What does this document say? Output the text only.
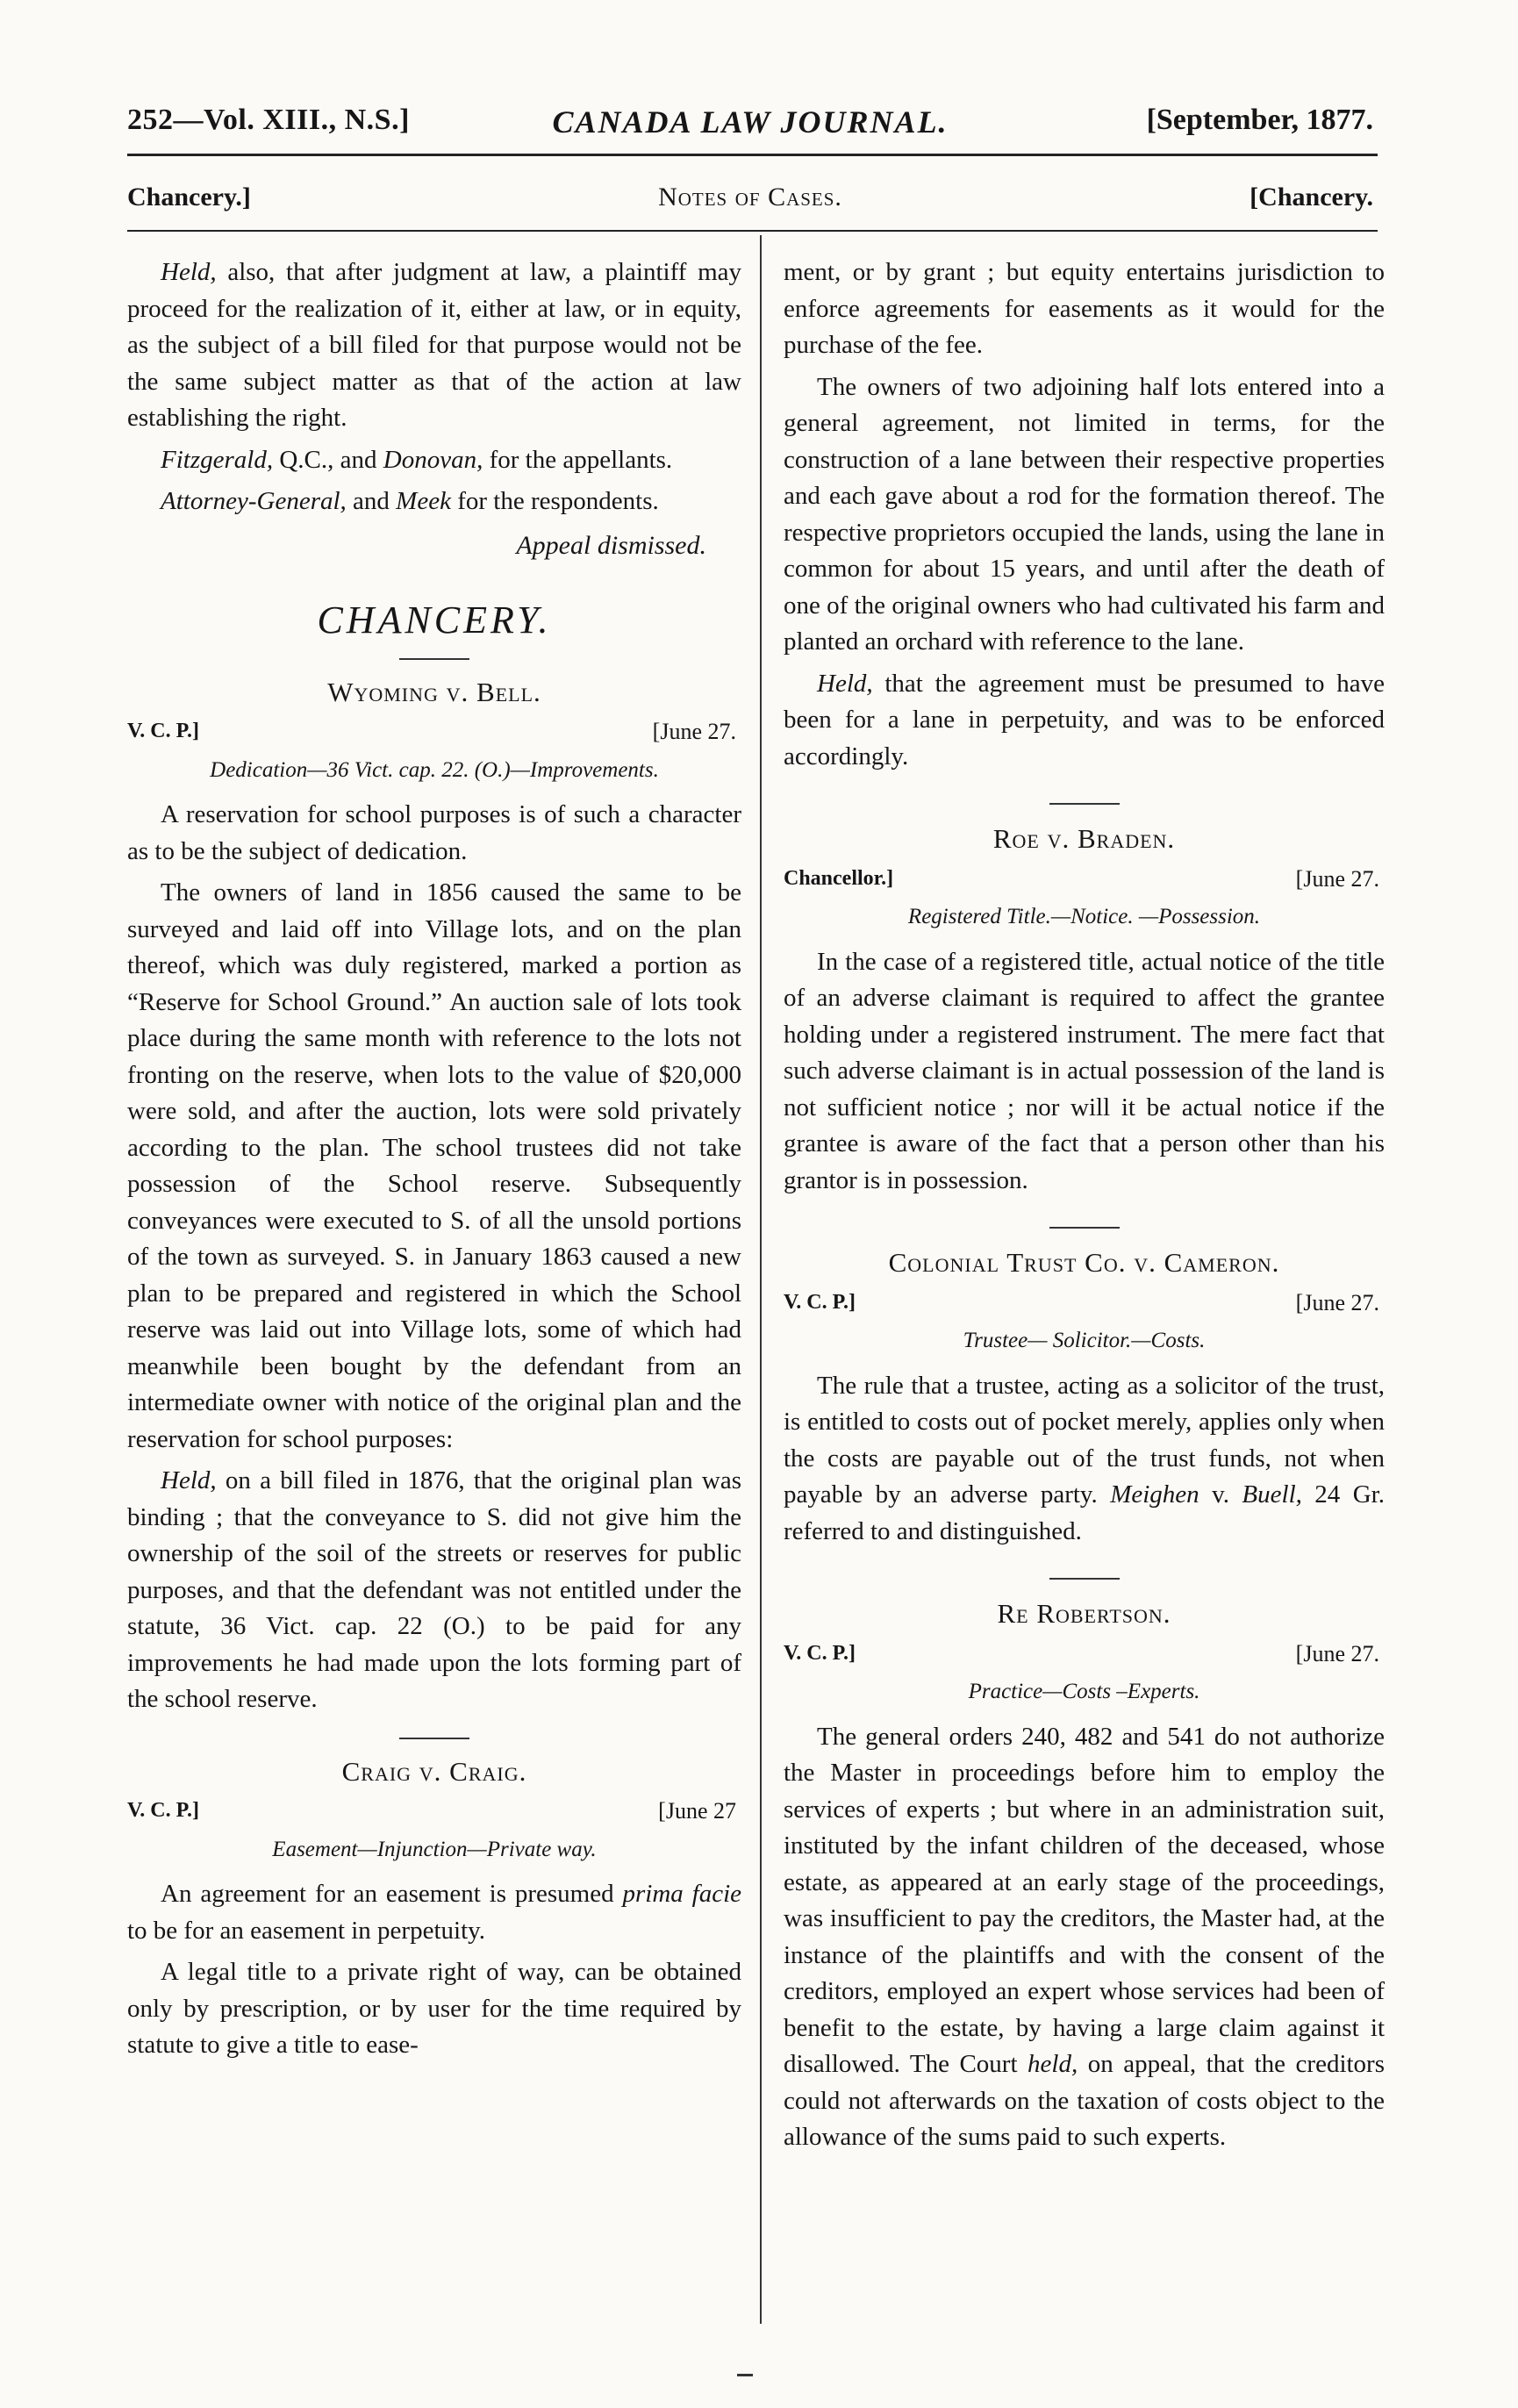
252—Vol. XIII., N.S.]	CANADA LAW JOURNAL.	[September, 1877.
Chancery.]	Notes of Cases.	[Chancery.

Held, also, that after judgment at law, a plaintiff may proceed for the realization of it, either at law, or in equity, as the subject of a bill filed for that purpose would not be the same subject matter as that of the action at law establishing the right.

Fitzgerald, Q.C., and Donovan, for the appellants.

Attorney-General, and Meek for the respondents.

Appeal dismissed.
CHANCERY.
Wyoming v. Bell.
V. C. P.]	[June 27.
Dedication—36 Vict. cap. 22. (O.)—Improvements.

A reservation for school purposes is of such a character as to be the subject of dedication.

The owners of land in 1856 caused the same to be surveyed and laid off into Village lots, and on the plan thereof, which was duly registered, marked a portion as “Reserve for School Ground.” An auction sale of lots took place during the same month with reference to the lots not fronting on the reserve, when lots to the value of $20,000 were sold, and after the auction, lots were sold privately according to the plan. The school trustees did not take possession of the School reserve. Subsequently conveyances were executed to S. of all the unsold portions of the town as surveyed. S. in January 1863 caused a new plan to be prepared and registered in which the School reserve was laid out into Village lots, some of which had meanwhile been bought by the defendant from an intermediate owner with notice of the original plan and the reservation for school purposes:

Held, on a bill filed in 1876, that the original plan was binding ; that the conveyance to S. did not give him the ownership of the soil of the streets or reserves for public purposes, and that the defendant was not entitled under the statute, 36 Vict. cap. 22 (O.) to be paid for any improvements he had made upon the lots forming part of the school reserve.

Craig v. Craig.
V. C. P.]	[June 27
Easement—Injunction—Private way.

An agreement for an easement is presumed prima facie to be for an easement in perpetuity.

A legal title to a private right of way, can be obtained only by prescription, or by user for the time required by statute to give a title to ease-

ment, or by grant ; but equity entertains jurisdiction to enforce agreements for easements as it would for the purchase of the fee.

The owners of two adjoining half lots entered into a general agreement, not limited in terms, for the construction of a lane between their respective properties and each gave about a rod for the formation thereof. The respective proprietors occupied the lands, using the lane in common for about 15 years, and until after the death of one of the original owners who had cultivated his farm and planted an orchard with reference to the lane.

Held, that the agreement must be presumed to have been for a lane in perpetuity, and was to be enforced accordingly.

Roe v. Braden.
Chancellor.]	[June 27.
Registered Title.—Notice. —Possession.

In the case of a registered title, actual notice of the title of an adverse claimant is required to affect the grantee holding under a registered instrument. The mere fact that such adverse claimant is in actual possession of the land is not sufficient notice ; nor will it be actual notice if the grantee is aware of the fact that a person other than his grantor is in possession.

Colonial Trust Co. v. Cameron.
V. C. P.]	[June 27.
Trustee— Solicitor.—Costs.

The rule that a trustee, acting as a solicitor of the trust, is entitled to costs out of pocket merely, applies only when the costs are payable out of the trust funds, not when payable by an adverse party. Meighen v. Buell, 24 Gr. referred to and distinguished.

Re Robertson.
V. C. P.]	[June 27.
Practice—Costs –Experts.

The general orders 240, 482 and 541 do not authorize the Master in proceedings before him to employ the services of experts ; but where in an administration suit, instituted by the infant children of the deceased, whose estate, as appeared at an early stage of the proceedings, was insufficient to pay the creditors, the Master had, at the instance of the plaintiffs and with the consent of the creditors, employed an expert whose services had been of benefit to the estate, by having a large claim against it disallowed. The Court held, on appeal, that the creditors could not afterwards on the taxation of costs object to the allowance of the sums paid to such experts.
